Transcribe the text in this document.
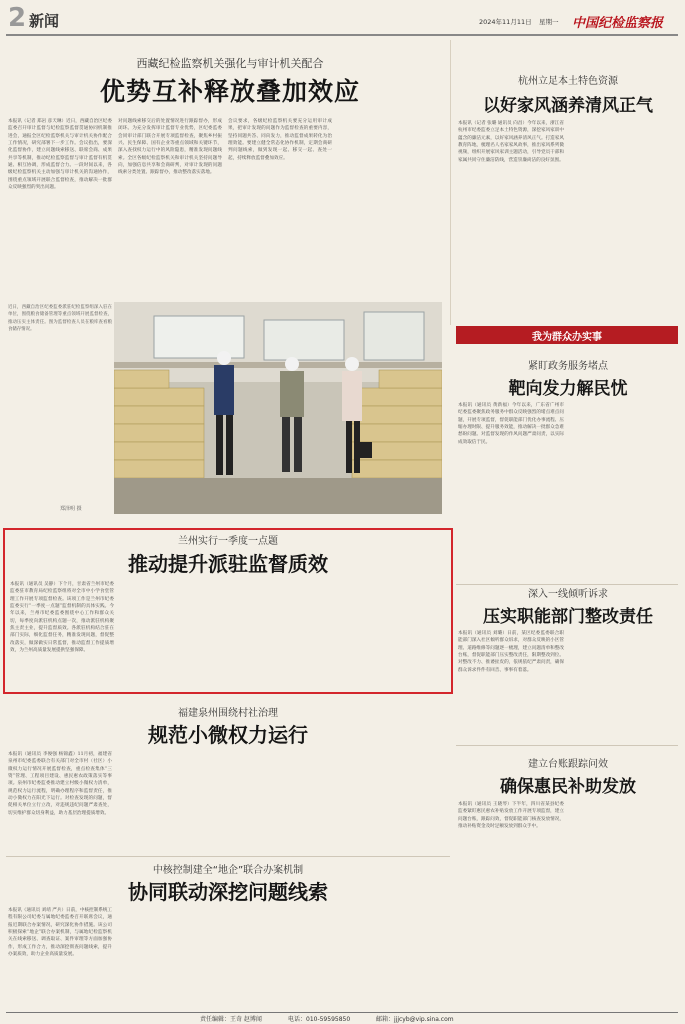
2 新闻	2024年11月11日 星期一 中国纪检监察报
西藏纪检监察机关强化与审计机关配合
优势互补释放叠加效应
本报讯（记者 郑岩 彦天琳）近日，西藏自治区纪委监委召开审计监督与纪检监察监督贯通协同机制推进会，通报全区纪检监察机关与审计机关协作配合工作情况，研究部署下一步工作。会议指出，要深化监督协作，建立问题线索移送、联席会商、成果共享等机制，推动纪检监察监督与审计监督有机贯通、相互协调，形成监督合力。一段时间以来，各级纪检监察机关主动加强与审计机关的沟通协作，围绕重点领域开展联合监督检查，推动解决一批群众反映强烈的突出问题。
对问题线索移交后的处置情况进行跟踪督办，形成闭环。为充分发挥审计监督专业优势，区纪委监委会同审计部门联合开展专项监督检查，聚焦乡村振兴、民生保障、国有企业等重点领域和关键环节，深入查找权力运行中的风险隐患，精准发现问题线索。全区各级纪检监察机关和审计机关坚持问题导向，加强信息共享和会商研判，对审计发现的问题线索分类处置、跟踪督办，推动整改落实落地。
会议要求，各级纪检监察机关要充分运用审计成果，把审计发现的问题作为监督检查的重要内容，坚持同题共答、同向发力，推动监督成果转化为治理效能。要建立健全常态化协作机制，定期会商研判问题线索，做到发现一起、移交一起、查处一起，持续释放监督叠加效应。
近日，西藏自治区纪委监委派驻纪检监察组深入驻在单位，围绕粮食储备管理等重点领域开展监督检查，推动压实主体责任。图为监督检查人员在粮库查看粮食储存情况。
郑泽明 摄
杭州立足本土特色资源
以好家风涵养清风正气
本报讯（记者 张璐 通讯员 向昌）今年以来，浙江省杭州市纪委监委立足本土特色资源，深挖家风家训中蕴含的廉洁元素，以好家风涵养清风正气。打造家风教育阵地，梳理名人名家家风故事，推出家风系列微视频，组织开展家风家训主题活动，引导党员干部和家属共同守住廉洁防线，营造崇廉尚洁的良好氛围。
我为群众办实事
紧盯政务服务堵点
靶向发力解民忧
本报讯（通讯员 黄新福）今年以来，广东省广州市纪委监委聚焦政务服务中群众反映强烈的堵点难点问题，开展专项监督，督促职能部门优化办事流程、压缩办理时限、提升服务效能，推动解决一批群众急难愁盼问题。对监督发现的作风问题严肃问责，以实际成效取信于民。
深入一线倾听诉求
压实职能部门整改责任
本报讯（通讯员 刘璐）日前，某区纪委监委联合职能部门深入社区倾听群众诉求，对群众反映的小区管理、道路维修等问题逐一梳理，建立问题清单和整改台账，督促职能部门压实整改责任，限期整改到位。对整改不力、推诿扯皮的，依规依纪严肃问责，确保群众诉求件件有回音、事事有着落。
兰州实行一季度一点题
推动提升派驻监督质效
本报讯（通讯员 吴静）下个月，甘肃省兰州市纪委监委驻市教育局纪检监察组将对全市中小学食堂管理工作开展专项监督检查。该项工作是兰州市纪委监委实行“一季度一点题”监督机制的具体实践。今年以来，兰州市纪委监委围绕中心工作和群众关切，每季度向派驻机构点题一次，推动派驻机构聚焦主责主业，提升监督质效。各派驻机构结合驻在部门实际，细化监督任务，精准发现问题，督促整改落实，做深做实日常监督，推动监督工作提质增效，为兰州高质量发展提供坚强保障。
福建泉州围绕村社治理
规范小微权力运行
本报讯（通讯员 李俊强 杨锦鑫）11月初，福建省泉州市纪委监委联合有关部门对全市村（社区）小微权力运行情况开展监督检查，重点检查集体“三资”管理、工程项目建设、惠民惠农政策落实等事项。泉州市纪委监委推动建立村级小微权力清单，规范权力运行流程，明确办理程序和监督责任，推动小微权力在阳光下运行。对检查发现的问题，督促相关单位立行立改，对违规违纪问题严肃查处，切实维护群众切身利益，助力基层治理提质增效。
建立台账跟踪问效
确保惠民补助发放
本报讯（通讯员 王晓琴）下半年，四川省某县纪委监委紧盯惠民惠农补贴发放工作开展专项监督，建立问题台账，跟踪问效，督促职能部门核查发放情况，推动补贴资金及时足额发放到群众手中。
中核控制建全“地企”联合办案机制
协同联动深挖问题线索
本报讯（通讯员 刘靖 严兵）日前，中核控制系统工程有限公司纪委与属地纪委监委召开联席会议，通报近期联合办案情况，研究深化协作措施。该公司积极探索“地企”联合办案机制，与属地纪检监察机关在线索移送、调查取证、案件审理等方面加强协作，形成工作合力，推动深挖彻查问题线索，提升办案质效，助力企业高质量发展。
责任编辑：王奇 赵博闻	电话：010-59595850	邮箱：jjjcyb@vip.sina.com
